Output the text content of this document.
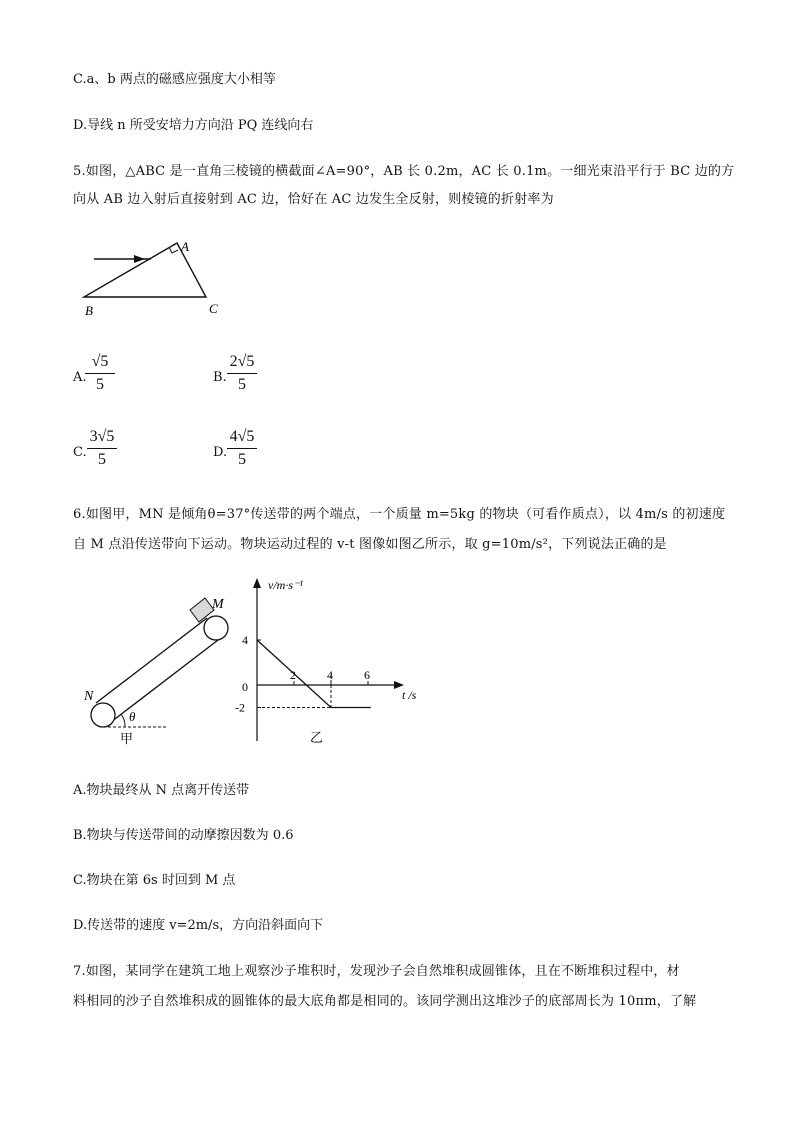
C.a、b 两点的磁感应强度大小相等
D.导线 n 所受安培力方向沿 PQ 连线向右
5.如图，△ABC 是一直角三棱镜的横截面∠A=90°，AB 长 0.2m，AC 长 0.1m。一细光束沿平行于 BC 边的方
向从 AB 边入射后直接射到 AC 边，恰好在 AC 边发生全反射，则棱镜的折射率为
A
B	C
A.
√5
5	B.
2√5
5
C.
3√5
5	D.
4√5
5
6.如图甲，MN 是倾角θ=37°传送带的两个端点，一个质量 m=5kg 的物块（可看作质点），以 4m/s 的初速度
自 M 点沿传送带向下运动。物块运动过程的 v-t 图像如图乙所示，取 g=10m/s²，下列说法正确的是
θ
M
N
甲
v/m·s⁻¹
t /s
0
2	4	6
4
-2
乙
A.物块最终从 N 点离开传送带
B.物块与传送带间的动摩擦因数为 0.6
C.物块在第 6s 时回到 M 点
D.传送带的速度 v=2m/s，方向沿斜面向下
7.如图，某同学在建筑工地上观察沙子堆积时，发现沙子会自然堆积成圆锥体，且在不断堆积过程中，材
料相同的沙子自然堆积成的圆锥体的最大底角都是相同的。该同学测出这堆沙子的底部周长为 10πm，了解
